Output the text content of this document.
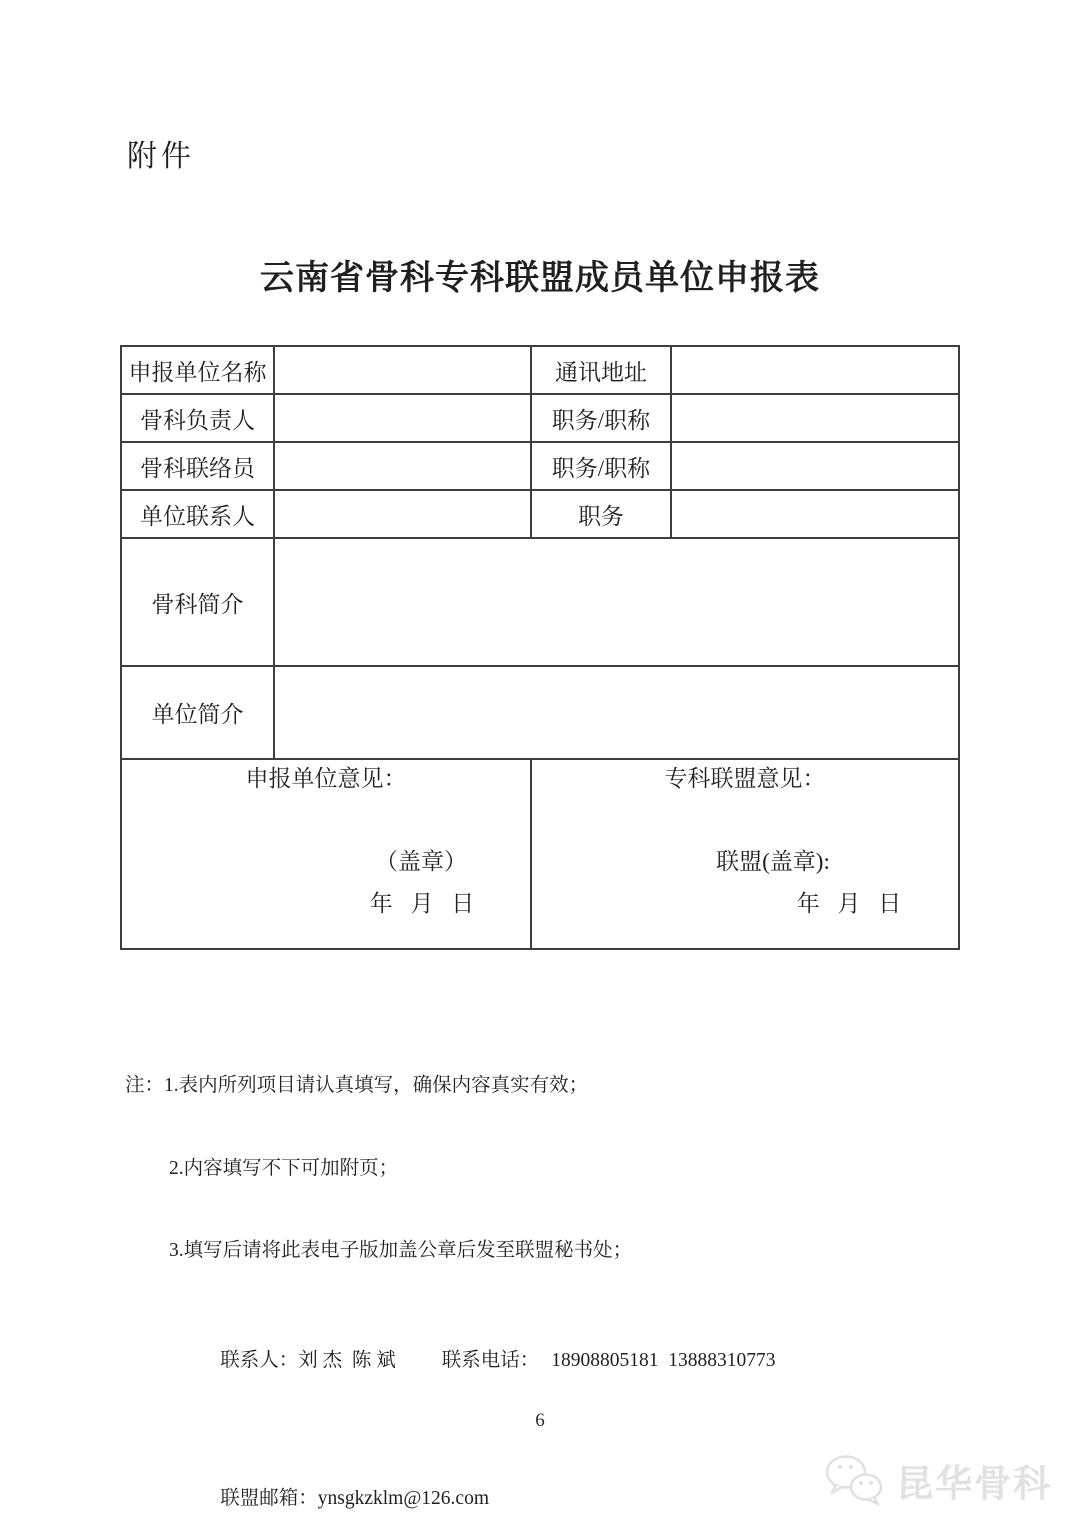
附件
云南省骨科专科联盟成员单位申报表
申报单位名称		通讯地址	
骨科负责人		职务/职称	
骨科联络员		职务/职称	
单位联系人		职务	
骨科简介			
单位简介			

申报单位意见：
（盖章）
年 月 日

专科联盟意见：
联盟(盖章):
年 月 日

注：1.表内所列项目请认真填写，确保内容真实有效；

2.内容填写不下可加附页；

3.填写后请将此表电子版加盖公章后发至联盟秘书处；

联系人：刘 杰  陈 斌 联系电话： 18908805181  13888310773

联盟邮箱：ynsgkzklm@126.com

6
昆华骨科
